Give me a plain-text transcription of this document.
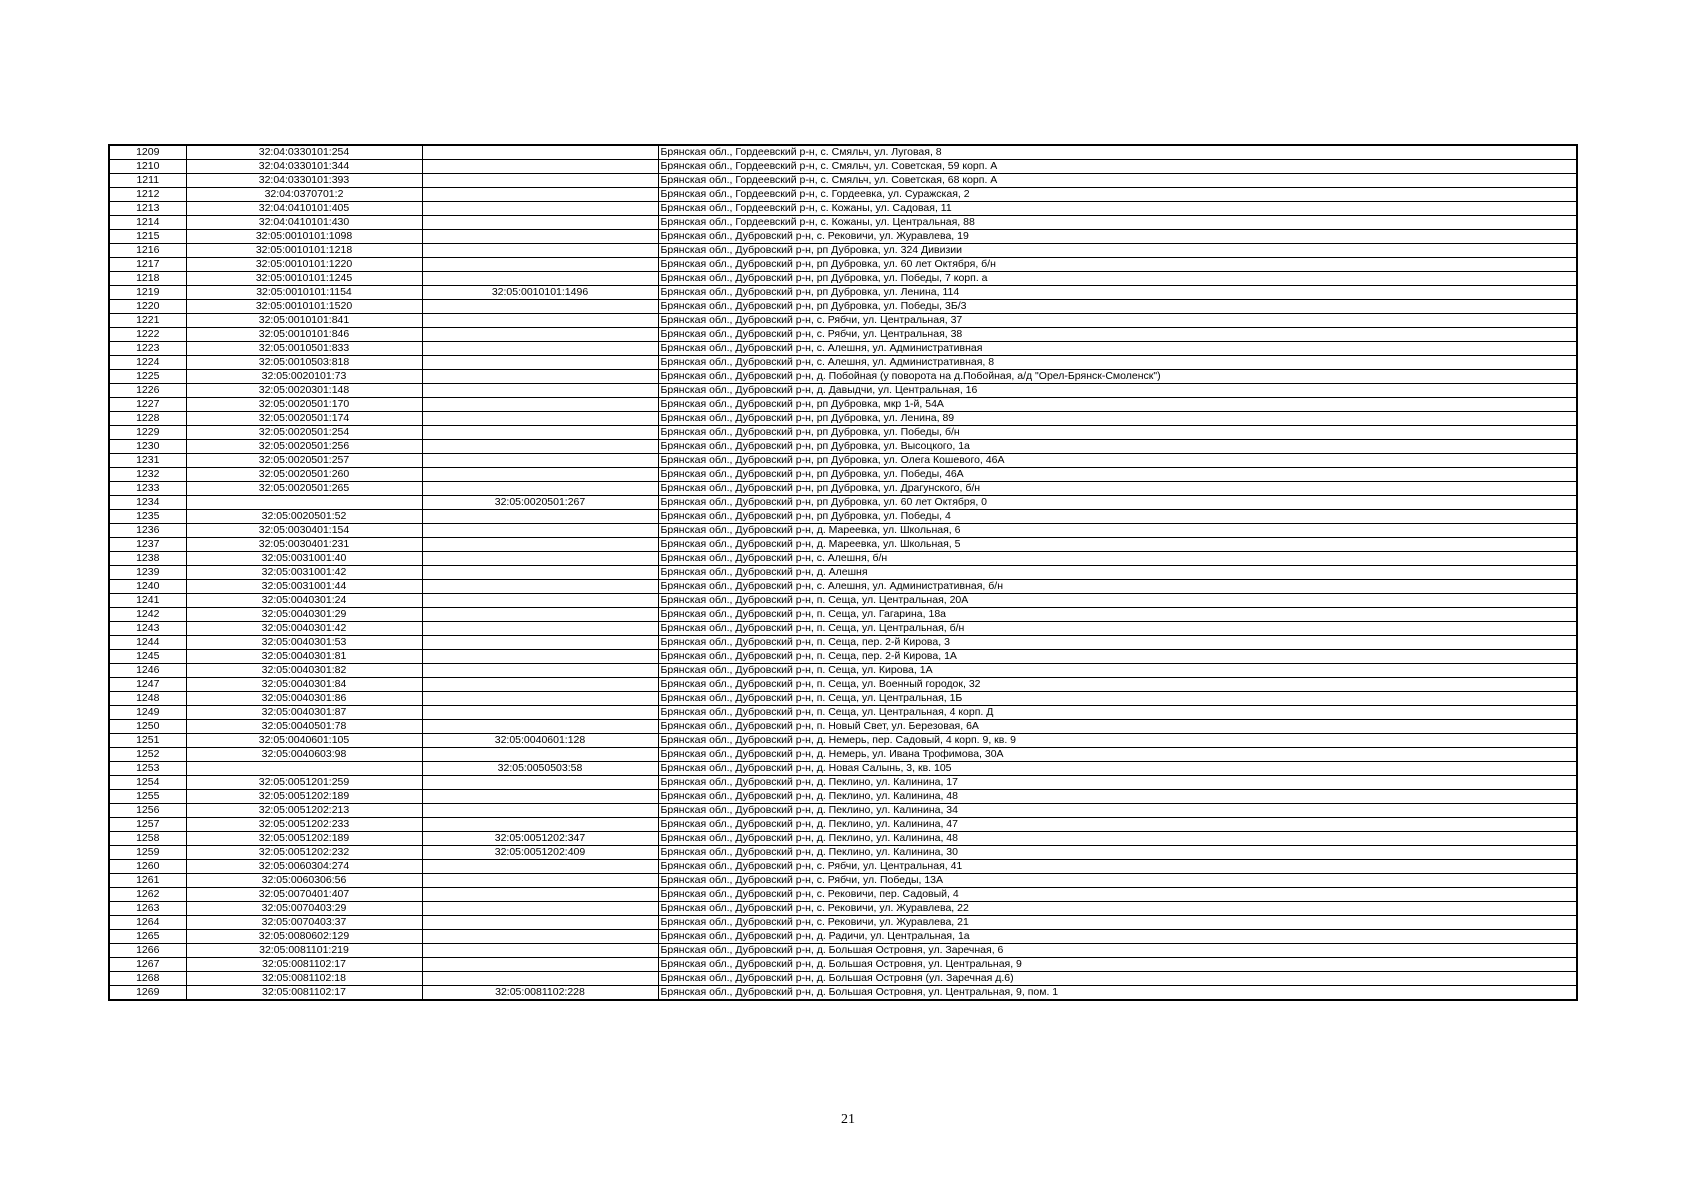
1209	32:04:0330101:254		Брянская обл., Гордеевский р-н, с. Смяльч, ул. Луговая, 8
1210	32:04:0330101:344		Брянская обл., Гордеевский р-н, с. Смяльч, ул. Советская, 59 корп. А
1211	32:04:0330101:393		Брянская обл., Гордеевский р-н, с. Смяльч, ул. Советская, 68 корп. А
1212	32:04:0370701:2		Брянская обл., Гордеевский р-н, с. Гордеевка, ул. Суражская, 2
1213	32:04:0410101:405		Брянская обл., Гордеевский р-н, с. Кожаны, ул. Садовая, 11
1214	32:04:0410101:430		Брянская обл., Гордеевский р-н, с. Кожаны, ул. Центральная, 88
1215	32:05:0010101:1098		Брянская обл., Дубровский р-н, с. Рековичи, ул. Журавлева, 19
1216	32:05:0010101:1218		Брянская обл., Дубровский р-н, рп Дубровка, ул. 324 Дивизии
1217	32:05:0010101:1220		Брянская обл., Дубровский р-н, рп Дубровка, ул. 60 лет Октября, б/н
1218	32:05:0010101:1245		Брянская обл., Дубровский р-н, рп Дубровка, ул. Победы, 7 корп. а
1219	32:05:0010101:1154	32:05:0010101:1496	Брянская обл., Дубровский р-н, рп Дубровка, ул. Ленина, 114
1220	32:05:0010101:1520		Брянская обл., Дубровский р-н, рп Дубровка, ул. Победы, 3Б/3
1221	32:05:0010101:841		Брянская обл., Дубровский р-н, с. Рябчи, ул. Центральная, 37
1222	32:05:0010101:846		Брянская обл., Дубровский р-н, с. Рябчи, ул. Центральная, 38
1223	32:05:0010501:833		Брянская обл., Дубровский р-н, с. Алешня, ул. Административная
1224	32:05:0010503:818		Брянская обл., Дубровский р-н, с. Алешня, ул. Административная, 8
1225	32:05:0020101:73		Брянская обл., Дубровский р-н, д. Побойная (у поворота на д.Побойная, а/д "Орел-Брянск-Смоленск")
1226	32:05:0020301:148		Брянская обл., Дубровский р-н, д. Давыдчи, ул. Центральная, 16
1227	32:05:0020501:170		Брянская обл., Дубровский р-н, рп Дубровка, мкр 1-й, 54А
1228	32:05:0020501:174		Брянская обл., Дубровский р-н, рп Дубровка, ул. Ленина, 89
1229	32:05:0020501:254		Брянская обл., Дубровский р-н, рп Дубровка, ул. Победы, б/н
1230	32:05:0020501:256		Брянская обл., Дубровский р-н, рп Дубровка, ул. Высоцкого, 1а
1231	32:05:0020501:257		Брянская обл., Дубровский р-н, рп Дубровка, ул. Олега Кошевого, 46А
1232	32:05:0020501:260		Брянская обл., Дубровский р-н, рп Дубровка, ул. Победы, 46А
1233	32:05:0020501:265		Брянская обл., Дубровский р-н, рп Дубровка, ул. Драгунского, б/н
1234		32:05:0020501:267	Брянская обл., Дубровский р-н, рп Дубровка, ул. 60 лет Октября, 0
1235	32:05:0020501:52		Брянская обл., Дубровский р-н, рп Дубровка, ул. Победы, 4
1236	32:05:0030401:154		Брянская обл., Дубровский р-н, д. Мареевка, ул. Школьная, 6
1237	32:05:0030401:231		Брянская обл., Дубровский р-н, д. Мареевка, ул. Школьная, 5
1238	32:05:0031001:40		Брянская обл., Дубровский р-н, с. Алешня, б/н
1239	32:05:0031001:42		Брянская обл., Дубровский р-н, д. Алешня
1240	32:05:0031001:44		Брянская обл., Дубровский р-н, с. Алешня, ул. Административная, б/н
1241	32:05:0040301:24		Брянская обл., Дубровский р-н, п. Сеща, ул. Центральная, 20А
1242	32:05:0040301:29		Брянская обл., Дубровский р-н, п. Сеща, ул. Гагарина, 18а
1243	32:05:0040301:42		Брянская обл., Дубровский р-н, п. Сеща, ул. Центральная, б/н
1244	32:05:0040301:53		Брянская обл., Дубровский р-н, п. Сеща, пер. 2-й Кирова, 3
1245	32:05:0040301:81		Брянская обл., Дубровский р-н, п. Сеща, пер. 2-й Кирова, 1А
1246	32:05:0040301:82		Брянская обл., Дубровский р-н, п. Сеща, ул. Кирова, 1А
1247	32:05:0040301:84		Брянская обл., Дубровский р-н, п. Сеща, ул. Военный городок, 32
1248	32:05:0040301:86		Брянская обл., Дубровский р-н, п. Сеща, ул. Центральная, 1Б
1249	32:05:0040301:87		Брянская обл., Дубровский р-н, п. Сеща, ул. Центральная, 4 корп. Д
1250	32:05:0040501:78		Брянская обл., Дубровский р-н, п. Новый Свет, ул. Березовая, 6А
1251	32:05:0040601:105	32:05:0040601:128	Брянская обл., Дубровский р-н, д. Немерь, пер. Садовый, 4 корп. 9, кв. 9
1252	32:05:0040603:98		Брянская обл., Дубровский р-н, д. Немерь, ул. Ивана Трофимова, 30А
1253		32:05:0050503:58	Брянская обл., Дубровский р-н, д. Новая Салынь, 3, кв. 105
1254	32:05:0051201:259		Брянская обл., Дубровский р-н, д. Пеклино, ул. Калинина, 17
1255	32:05:0051202:189		Брянская обл., Дубровский р-н, д. Пеклино, ул. Калинина, 48
1256	32:05:0051202:213		Брянская обл., Дубровский р-н, д. Пеклино, ул. Калинина, 34
1257	32:05:0051202:233		Брянская обл., Дубровский р-н, д. Пеклино, ул. Калинина, 47
1258	32:05:0051202:189	32:05:0051202:347	Брянская обл., Дубровский р-н, д. Пеклино, ул. Калинина, 48
1259	32:05:0051202:232	32:05:0051202:409	Брянская обл., Дубровский р-н, д. Пеклино, ул. Калинина, 30
1260	32:05:0060304:274		Брянская обл., Дубровский р-н, с. Рябчи, ул. Центральная, 41
1261	32:05:0060306:56		Брянская обл., Дубровский р-н, с. Рябчи, ул. Победы, 13А
1262	32:05:0070401:407		Брянская обл., Дубровский р-н, с. Рековичи, пер. Садовый, 4
1263	32:05:0070403:29		Брянская обл., Дубровский р-н, с. Рековичи, ул. Журавлева, 22
1264	32:05:0070403:37		Брянская обл., Дубровский р-н, с. Рековичи, ул. Журавлева, 21
1265	32:05:0080602:129		Брянская обл., Дубровский р-н, д. Радичи, ул. Центральная, 1а
1266	32:05:0081101:219		Брянская обл., Дубровский р-н, д. Большая Островня, ул. Заречная, 6
1267	32:05:0081102:17		Брянская обл., Дубровский р-н, д. Большая Островня, ул. Центральная, 9
1268	32:05:0081102:18		Брянская обл., Дубровский р-н, д. Большая Островня (ул. Заречная д.6)
1269	32:05:0081102:17	32:05:0081102:228	Брянская обл., Дубровский р-н, д. Большая Островня, ул. Центральная, 9, пом. 1
21
